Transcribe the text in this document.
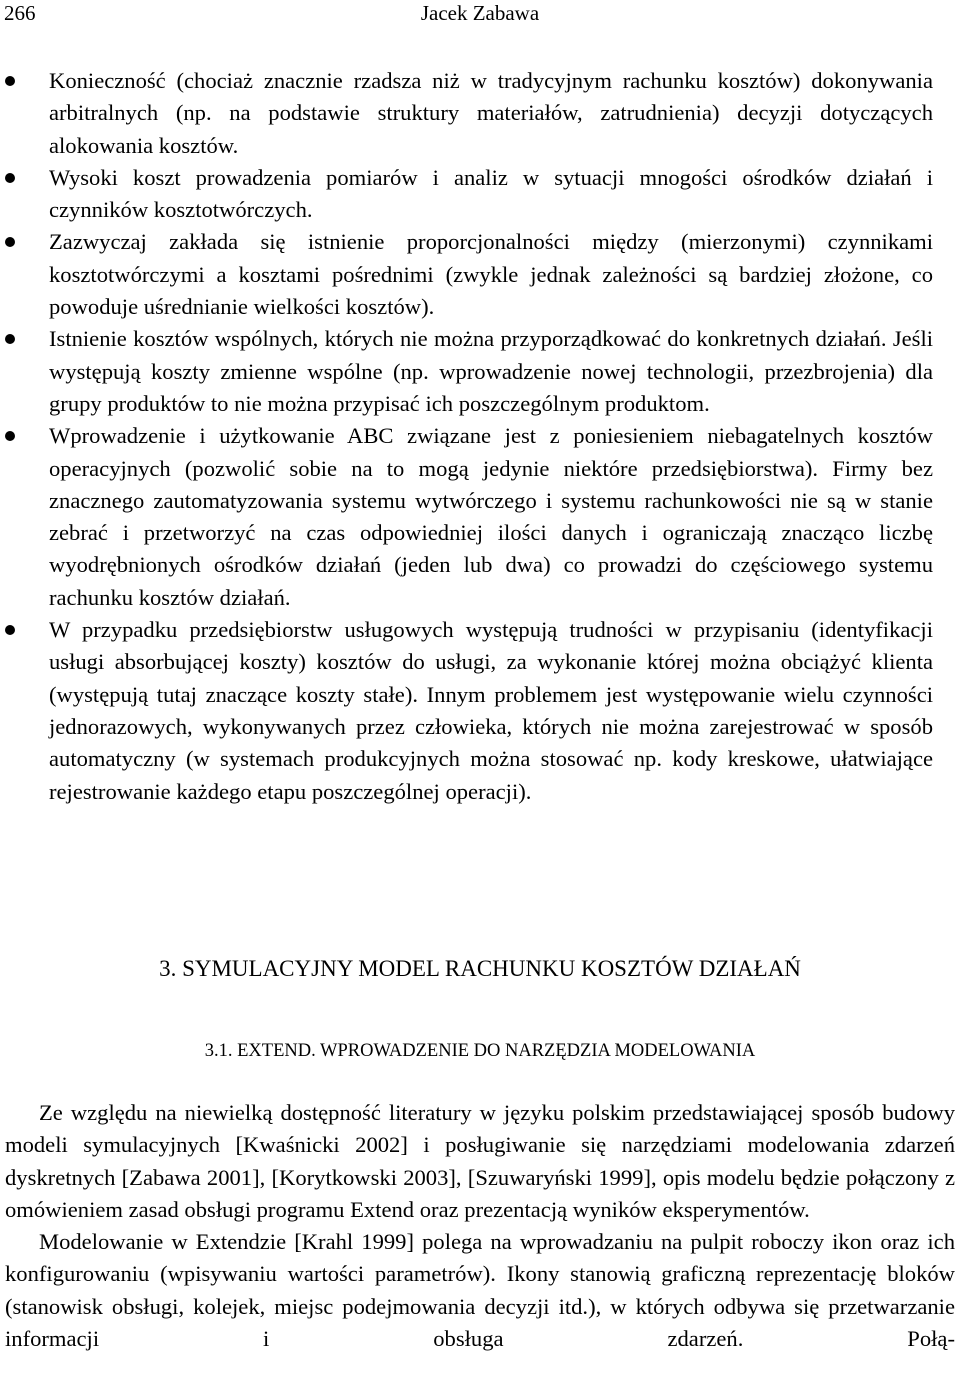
266	Jacek Zabawa
Konieczność (chociaż znacznie rzadsza niż w tradycyjnym rachunku kosztów) dokonywania arbitralnych (np. na podstawie struktury materiałów, zatrudnienia) decyzji dotyczących alokowania kosztów.
Wysoki koszt prowadzenia pomiarów i analiz w sytuacji mnogości ośrodków działań i czynników kosztotwórczych.
Zazwyczaj zakłada się istnienie proporcjonalności między (mierzonymi) czynnikami kosztotwórczymi a kosztami pośrednimi (zwykle jednak zależności są bardziej złożone, co powoduje uśrednianie wielkości kosztów).
Istnienie kosztów wspólnych, których nie można przyporządkować do konkretnych działań. Jeśli występują koszty zmienne wspólne (np. wprowadzenie nowej technologii, przezbrojenia) dla grupy produktów to nie można przypisać ich poszczególnym produktom.
Wprowadzenie i użytkowanie ABC związane jest z poniesieniem niebagatelnych kosztów operacyjnych (pozwolić sobie na to mogą jedynie niektóre przedsiębiorstwa). Firmy bez znacznego zautomatyzowania systemu wytwórczego i systemu rachunkowości nie są w stanie zebrać i przetworzyć na czas odpowiedniej ilości danych i ograniczają znacząco liczbę wyodrębnionych ośrodków działań (jeden lub dwa) co prowadzi do częściowego systemu rachunku kosztów działań.
W przypadku przedsiębiorstw usługowych występują trudności w przypisaniu (identyfikacji usługi absorbującej koszty) kosztów do usługi, za wykonanie której można obciążyć klienta (występują tutaj znaczące koszty stałe). Innym problemem jest występowanie wielu czynności jednorazowych, wykonywanych przez człowieka, których nie można zarejestrować w sposób automatyczny (w systemach produkcyjnych można stosować np. kody kreskowe, ułatwiające rejestrowanie każdego etapu poszczególnej operacji).
3. SYMULACYJNY MODEL RACHUNKU KOSZTÓW DZIAŁAŃ
3.1. EXTEND. WPROWADZENIE DO NARZĘDZIA MODELOWANIA

Ze względu na niewielką dostępność literatury w języku polskim przedstawiającej sposób budowy modeli symulacyjnych [Kwaśnicki 2002] i posługiwanie się narzędziami modelowania zdarzeń dyskretnych [Zabawa 2001], [Korytkowski 2003], [Szuwaryński 1999], opis modelu będzie połączony z omówieniem zasad obsługi programu Extend oraz prezentacją wyników eksperymentów.

Modelowanie w Extendzie [Krahl 1999] polega na wprowadzaniu na pulpit roboczy ikon oraz ich konfigurowaniu (wpisywaniu wartości parametrów). Ikony stanowią graficzną reprezentację bloków (stanowisk obsługi, kolejek, miejsc podejmowania decyzji itd.), w których odbywa się przetwarzanie informacji i obsługa zdarzeń. Połą-
